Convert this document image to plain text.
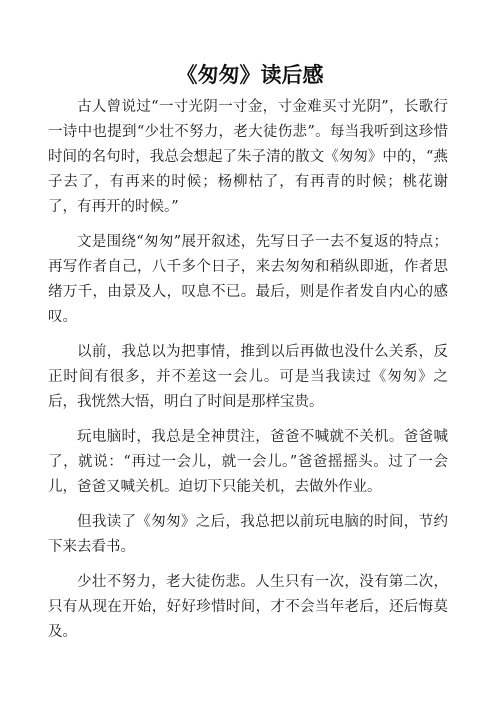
《匆匆》读后感

古人曾说过“一寸光阴一寸金，寸金难买寸光阴”，长歌行一诗中也提到“少壮不努力，老大徒伤悲”。每当我听到这珍惜时间的名句时，我总会想起了朱子清的散文《匆匆》中的，“燕子去了，有再来的时候；杨柳枯了，有再青的时候；桃花谢了，有再开的时候。”

文是围绕“匆匆”展开叙述，先写日子一去不复返的特点；再写作者自己，八千多个日子，来去匆匆和稍纵即逝，作者思绪万千，由景及人，叹息不已。最后，则是作者发自内心的感叹。

以前，我总以为把事情，推到以后再做也没什么关系，反正时间有很多，并不差这一会儿。可是当我读过《匆匆》之后，我恍然大悟，明白了时间是那样宝贵。

玩电脑时，我总是全神贯注，爸爸不喊就不关机。爸爸喊了，就说：“再过一会儿，就一会儿。”爸爸摇摇头。过了一会儿，爸爸又喊关机。迫切下只能关机，去做外作业。

但我读了《匆匆》之后，我总把以前玩电脑的时间，节约下来去看书。

少壮不努力，老大徒伤悲。人生只有一次，没有第二次，只有从现在开始，好好珍惜时间，才不会当年老后，还后悔莫及。
